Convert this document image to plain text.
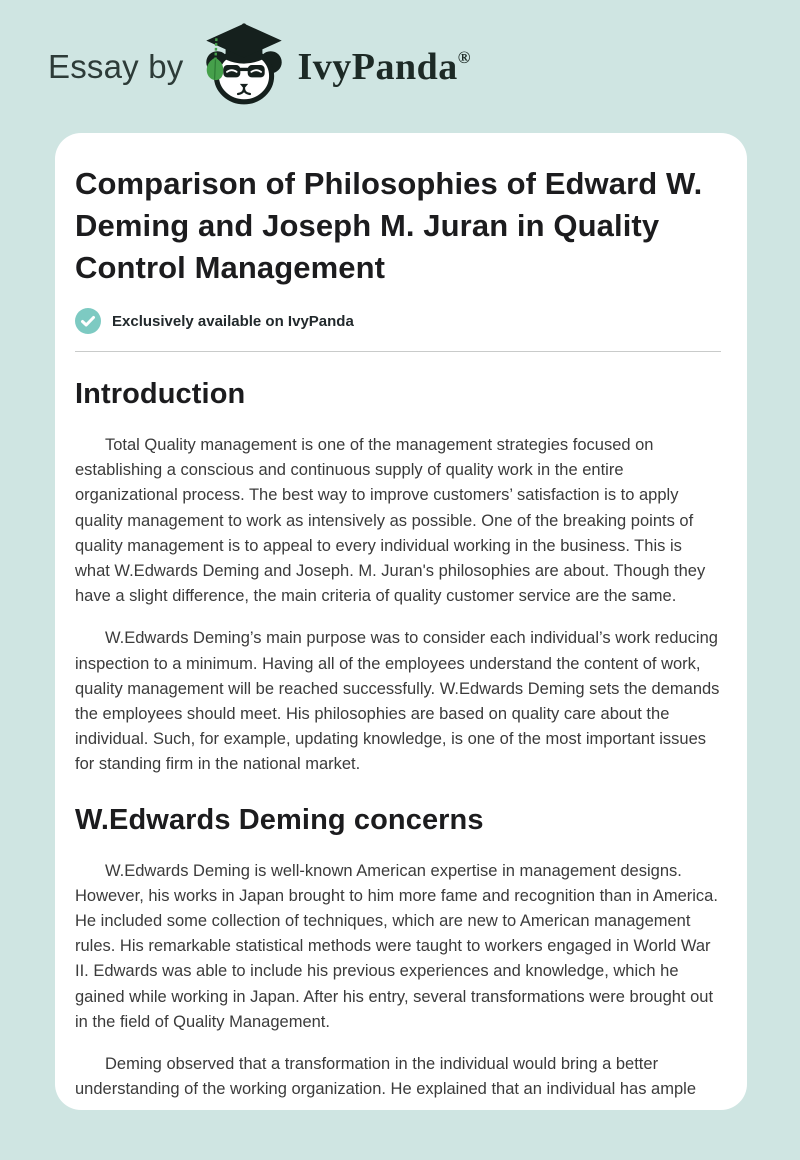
Essay by	IvyPanda®
Comparison of Philosophies of Edward W. Deming and Joseph M. Juran in Quality Control Management
Exclusively available on IvyPanda
Introduction

Total Quality management is one of the management strategies focused on establishing a conscious and continuous supply of quality work in the entire organizational process. The best way to improve customers’ satisfaction is to apply quality management to work as intensively as possible. One of the breaking points of quality management is to appeal to every individual working in the business. This is what W.Edwards Deming and Joseph. M. Juran's philosophies are about. Though they have a slight difference, the main criteria of quality customer service are the same.

W.Edwards Deming’s main purpose was to consider each individual’s work reducing inspection to a minimum. Having all of the employees understand the content of work, quality management will be reached successfully. W.Edwards Deming sets the demands the employees should meet. His philosophies are based on quality care about the individual. Such, for example, updating knowledge, is one of the most important issues for standing firm in the national market.

W.Edwards Deming concerns

W.Edwards Deming is well-known American expertise in management designs. However, his works in Japan brought to him more fame and recognition than in America. He included some collection of techniques, which are new to American management rules. His remarkable statistical methods were taught to workers engaged in World War II. Edwards was able to include his previous experiences and knowledge, which he gained while working in Japan. After his entry, several transformations were brought out in the field of Quality Management.

Deming observed that a transformation in the individual would bring a better understanding of the working organization. He explained that an individual has ample
